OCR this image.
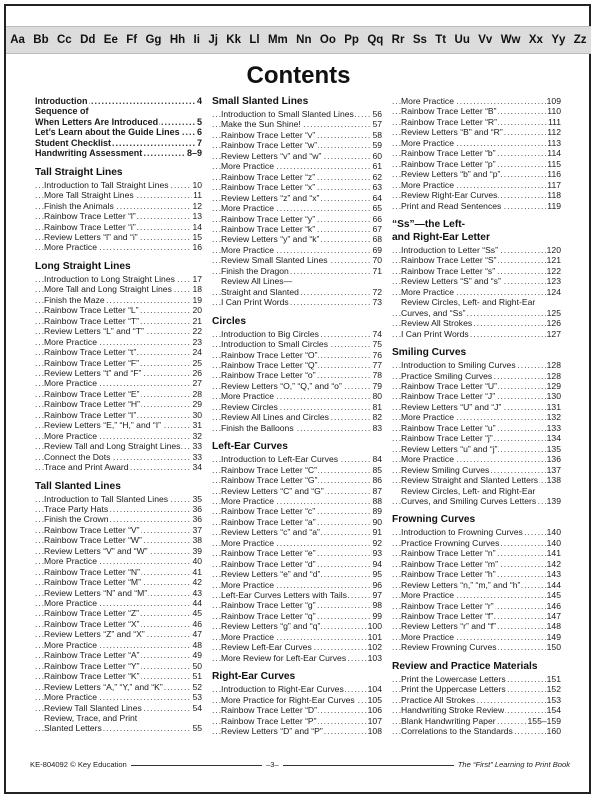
Aa Bb Cc Dd Ee Ff Gg Hh Ii Jj Kk Ll Mm Nn Oo Pp Qq Rr Ss Tt Uu Vv Ww Xx Yy Zz
Contents
..... Introduction	4
Sequence of
..... When Letters Are Introduced	5
..... Let’s Learn about the Guide Lines 6
..... Student Checklist	7
..... Handwriting Assessment	8–9
Tall Straight Lines
..... Introduction to Tall Straight Lines	10
..... More Tall Straight Lines	11
..... Finish the Animals	12
..... Rainbow Trace Letter “l”	13
..... Rainbow Trace Letter “i”	14
..... Review Letters “l” and “i”	15
..... More Practice	16
Long Straight Lines
..... Introduction to Long Straight Lines 17
..... More Tall and Long Straight Lines 18
..... Finish the Maze	19
..... Rainbow Trace Letter “L”	20
..... Rainbow Trace Letter “T”	21
..... Review Letters “L” and “T”	22
..... More Practice	23
..... Rainbow Trace Letter “t”	24
..... Rainbow Trace Letter “F”	25
..... Review Letters “t” and “F”	26
..... More Practice	27
..... Rainbow Trace Letter “E”	28
..... Rainbow Trace Letter “H”	29
..... Rainbow Trace Letter “I”	30
..... Review Letters “E,” “H,” and “I”	31
..... More Practice	32
..... Review Tall and Long Straight Lines 33
..... Connect the Dots	33
..... Trace and Print Award	34
Tall Slanted Lines
..... Introduction to Tall Slanted Lines	35
..... Trace Party Hats	36
..... Finish the Crown	36
..... Rainbow Trace Letter “V”	37
..... Rainbow Trace Letter “W”	38
..... Review Letters “V” and “W”	39
..... More Practice	40
..... Rainbow Trace Letter “N”	41
..... Rainbow Trace Letter “M”	42
..... Review Letters “N” and “M”	43
..... More Practice	44
..... Rainbow Trace Letter “Z”	45
..... Rainbow Trace Letter “X”	46
..... Review Letters “Z” and “X”	47
..... More Practice	48
..... Rainbow Trace Letter “A”	49
..... Rainbow Trace Letter “Y”	50
..... Rainbow Trace Letter “K”	51
..... Review Letters “A,” “Y,” and “K”	52
..... More Practice	53
..... Review Tall Slanted Lines	54
Review, Trace, and Print
..... Slanted Letters	55
Small Slanted Lines
..... Introduction to Small Slanted Lines 56
..... Make the Sun Shine!	57
..... Rainbow Trace Letter “v”	58
..... Rainbow Trace Letter “w”	59
..... Review Letters “v” and “w”	60
..... More Practice	61
..... Rainbow Trace Letter “z”	62
..... Rainbow Trace Letter “x”	63
..... Review Letters “z” and “x”	64
..... More Practice	65
..... Rainbow Trace Letter “y”	66
..... Rainbow Trace Letter “k”	67
..... Review Letters “y” and “k”	68
..... More Practice	69
..... Review Small Slanted Lines	70
..... Finish the Dragon	71
Review All Lines—
..... Straight and Slanted	72
..... I Can Print Words	73
Circles
..... Introduction to Big Circles	74
..... Introduction to Small Circles	75
..... Rainbow Trace Letter “O”	76
..... Rainbow Trace Letter “Q”	77
..... Rainbow Trace Letter “o”	78
..... Review Letters “O,” “Q,” and “o”	79
..... More Practice	80
..... Review Circles	81
..... Review All Lines and Circles	82
..... Finish the Balloons	83
Left-Ear Curves
..... Introduction to Left-Ear Curves	84
..... Rainbow Trace Letter “C”	85
..... Rainbow Trace Letter “G”	86
..... Review Letters “C” and “G”	87
..... More Practice	88
..... Rainbow Trace Letter “c”	89
..... Rainbow Trace Letter “a”	90
..... Review Letters “c” and “a”	91
..... More Practice	92
..... Rainbow Trace Letter “e”	93
..... Rainbow Trace Letter “d”	94
..... Review Letters “e” and “d”	95
..... More Practice	96
..... Left-Ear Curves Letters with Tails	97
..... Rainbow Trace Letter “g”	98
..... Rainbow Trace Letter “q”	99
..... Review Letters “g” and “q”	100
..... More Practice	101
..... Review Left-Ear Curves	102
..... More Review for Left-Ear Curves	103
Right-Ear Curves
..... Introduction to Right-Ear Curves	104
..... More Practice for Right-Ear Curves 105
..... Rainbow Trace Letter “D”	106
..... Rainbow Trace Letter “P”	107
..... Review Letters “D” and “P”	108
..... More Practice	109
..... Rainbow Trace Letter “B”	110
..... Rainbow Trace Letter “R”	111
..... Review Letters “B” and “R”	112
..... More Practice	113
..... Rainbow Trace Letter “b”	114
..... Rainbow Trace Letter “p”	115
..... Review Letters “b” and “p”	116
..... More Practice	117
..... Review Right-Ear Curves	118
..... Print and Read Sentences	119
“Ss”—the Left-
and Right-Ear Letter
..... Introduction to Letter “Ss”	120
..... Rainbow Trace Letter “S”	121
..... Rainbow Trace Letter “s”	122
..... Review Letters “S” and “s”	123
..... More Practice	124
Review Circles, Left- and Right-Ear
..... Curves, and “Ss”	125
..... Review All Strokes	126
..... I Can Print Words	127
Smiling Curves
..... Introduction to Smiling Curves	128
..... Practice Smiling Curves	128
..... Rainbow Trace Letter “U”	129
..... Rainbow Trace Letter “J”	130
..... Review Letters “U” and “J”	131
..... More Practice	132
..... Rainbow Trace Letter “u”	133
..... Rainbow Trace Letter “j”	134
..... Review Letters “u” and “j”	135
..... More Practice	136
..... Review Smiling Curves	137
..... Review Straight and Slanted Letters 138
Review Circles, Left- and Right-Ear
..... Curves, and Smiling Curves Letters 139
Frowning Curves
..... Introduction to Frowning Curves	140
..... Practice Frowning Curves	140
..... Rainbow Trace Letter “n”	141
..... Rainbow Trace Letter “m”	142
..... Rainbow Trace Letter “h”	143
..... Review Letters “n,” “m,” and “h”	144
..... More Practice	145
..... Rainbow Trace Letter “r”	146
..... Rainbow Trace Letter “f”	147
..... Review Letters “r” and “f”	148
..... More Practice	149
..... Review Frowning Curves	150
Review and Practice Materials
..... Print the Lowercase Letters	151
..... Print the Uppercase Letters	152
..... Practice All Strokes	153
..... Handwriting Stroke Review	154
..... Blank Handwriting Paper	155–159
..... Correlations to the Standards	160
KE-804092 © Key Education	–3–	The “First” Learning to Print Book
